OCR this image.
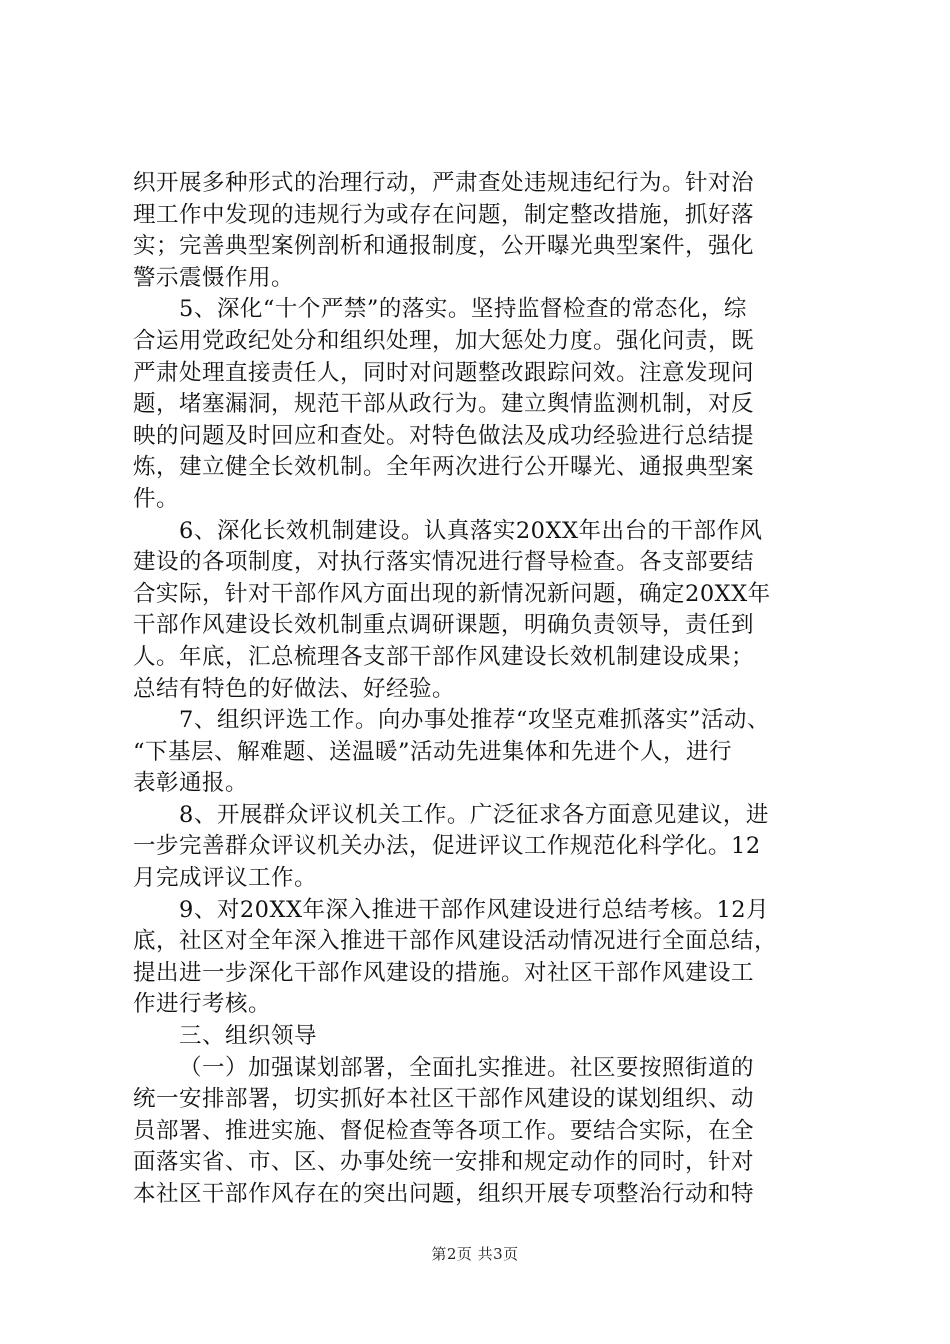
织开展多种形式的治理行动，严肃查处违规违纪行为。针对治
理工作中发现的违规行为或存在问题，制定整改措施，抓好落
实；完善典型案例剖析和通报制度，公开曝光典型案件，强化
警示震慑作用。
5、深化“十个严禁”的落实。坚持监督检查的常态化，综
合运用党政纪处分和组织处理，加大惩处力度。强化问责，既
严肃处理直接责任人，同时对问题整改跟踪问效。注意发现问
题，堵塞漏洞，规范干部从政行为。建立舆情监测机制，对反
映的问题及时回应和查处。对特色做法及成功经验进行总结提
炼，建立健全长效机制。全年两次进行公开曝光、通报典型案
件。
6、深化长效机制建设。认真落实20XX年出台的干部作风
建设的各项制度，对执行落实情况进行督导检查。各支部要结
合实际，针对干部作风方面出现的新情况新问题，确定20XX年
干部作风建设长效机制重点调研课题，明确负责领导，责任到
人。年底，汇总梳理各支部干部作风建设长效机制建设成果；
总结有特色的好做法、好经验。
7、组织评选工作。向办事处推荐“攻坚克难抓落实”活动、
“下基层、解难题、送温暖”活动先进集体和先进个人，进行
表彰通报。
8、开展群众评议机关工作。广泛征求各方面意见建议，进
一步完善群众评议机关办法，促进评议工作规范化科学化。12
月完成评议工作。
9、对20XX年深入推进干部作风建设进行总结考核。12月
底，社区对全年深入推进干部作风建设活动情况进行全面总结，
提出进一步深化干部作风建设的措施。对社区干部作风建设工
作进行考核。
三、组织领导
（一）加强谋划部署，全面扎实推进。社区要按照街道的
统一安排部署，切实抓好本社区干部作风建设的谋划组织、动
员部署、推进实施、督促检查等各项工作。要结合实际，在全
面落实省、市、区、办事处统一安排和规定动作的同时，针对
本社区干部作风存在的突出问题，组织开展专项整治行动和特
第2页 共3页
